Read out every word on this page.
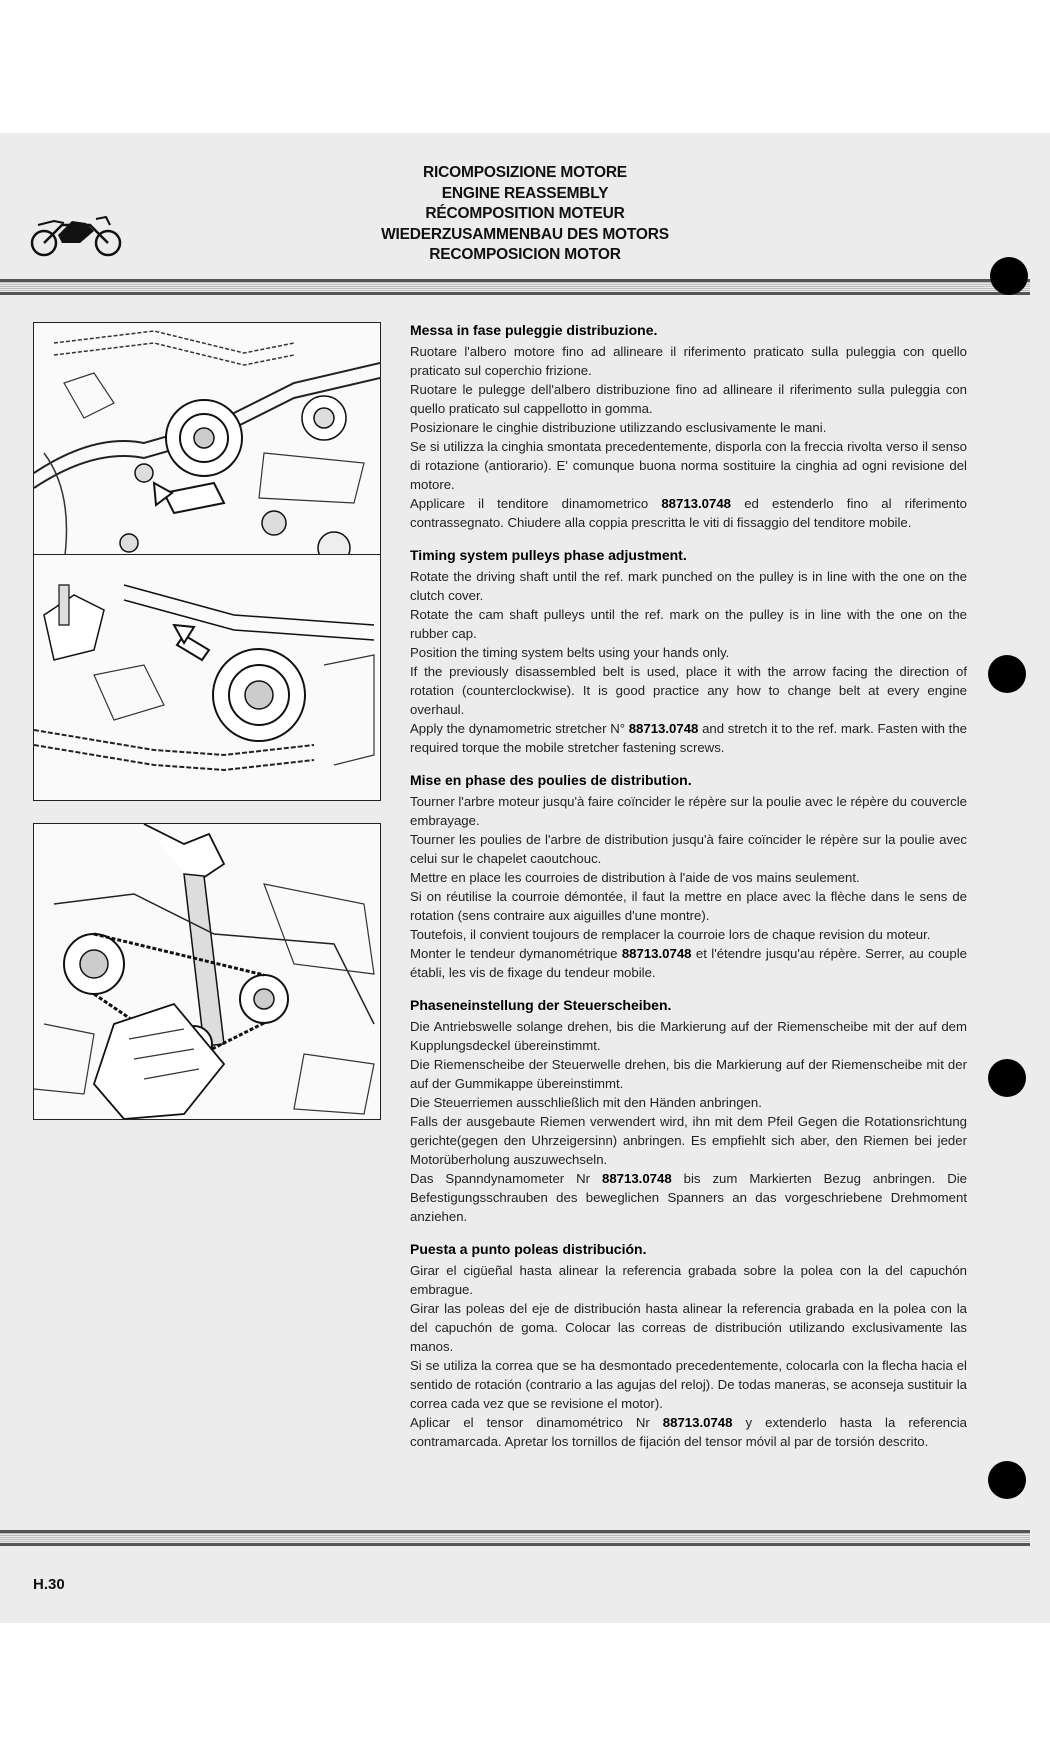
RICOMPOSIZIONE MOTORE
ENGINE REASSEMBLY
RÉCOMPOSITION MOTEUR
WIEDERZUSAMMENBAU DES MOTORS
RECOMPOSICION MOTOR

Messa in fase puleggie distribuzione.

Ruotare l'albero motore fino ad allineare il riferimento praticato sulla puleggia con quello praticato sul coperchio frizione.

Ruotare le pulegge dell'albero distribuzione fino ad allineare il riferimento sulla puleggia con quello praticato sul cappellotto in gomma.

Posizionare le cinghie distribuzione utilizzando esclusivamente le mani.

Se si utilizza la cinghia smontata precedentemente, disporla con la freccia rivolta verso il senso di rotazione (antiorario). E' comunque buona norma sostituire la cinghia ad ogni revisione del motore.

Applicare il tenditore dinamometrico 88713.0748 ed estenderlo fino al riferimento contrassegnato. Chiudere alla coppia prescritta le viti di fissaggio del tenditore mobile.

Timing system pulleys phase adjustment.

Rotate the driving shaft until the ref. mark punched on the pulley is in line with the one on the clutch cover.

Rotate the cam shaft pulleys until the ref. mark on the pulley is in line with the one on the rubber cap.

Position the timing system belts using your hands only.

If the previously disassembled belt is used, place it with the arrow facing the direction of rotation (counterclockwise). It is good practice any how to change belt at every engine overhaul.

Apply the dynamometric stretcher N° 88713.0748 and stretch it to the ref. mark. Fasten with the required torque the mobile stretcher fastening screws.

Mise en phase des poulies de distribution.

Tourner l'arbre moteur jusqu'à faire coïncider le répère sur la poulie avec le répère du couvercle embrayage.

Tourner les poulies de l'arbre de distribution jusqu'à faire coïncider le répère sur la poulie avec celui sur le chapelet caoutchouc.

Mettre en place les courroies de distribution à l'aide de vos mains seulement.

Si on réutilise la courroie démontée, il faut la mettre en place avec la flèche dans le sens de rotation (sens contraire aux aiguilles d'une montre).

Toutefois, il convient toujours de remplacer la courroie lors de chaque revision du moteur.

Monter le tendeur dymanométrique 88713.0748 et l'étendre jusqu'au répère. Serrer, au couple établi, les vis de fixage du tendeur mobile.

Phaseneinstellung der Steuerscheiben.

Die Antriebswelle solange drehen, bis die Markierung auf der Riemenscheibe mit der auf dem Kupplungsdeckel übereinstimmt.

Die Riemenscheibe der Steuerwelle drehen, bis die Markierung auf der Riemenscheibe mit der auf der Gummikappe übereinstimmt.

Die Steuerriemen ausschließlich mit den Händen anbringen.

Falls der ausgebaute Riemen verwendert wird, ihn mit dem Pfeil Gegen die Rotationsrichtung gerichte(gegen den Uhrzeigersinn) anbringen. Es empfiehlt sich aber, den Riemen bei jeder Motorüberholung auszuwechseln.

Das Spanndynamometer Nr 88713.0748 bis zum Markierten Bezug anbringen. Die Befestigungsschrauben des beweglichen Spanners an das vorgeschriebene Drehmoment anziehen.

Puesta a punto poleas distribución.

Girar el cigüeñal hasta alinear la referencia grabada sobre la polea con la del capuchón embrague.

Girar las poleas del eje de distribución hasta alinear la referencia grabada en la polea con la del capuchón de goma. Colocar las correas de distribución utilizando exclusivamente las manos.

Si se utiliza la correa que se ha desmontado precedentemente, colocarla con la flecha hacia el sentido de rotación (contrario a las agujas del reloj). De todas maneras, se aconseja sustituir la correa cada vez que se revisione el motor).

Aplicar el tensor dinamométrico Nr 88713.0748 y extenderlo hasta la referencia contramarcada. Apretar los tornillos de fijación del tensor móvil al par de torsión descrito.

H.30
